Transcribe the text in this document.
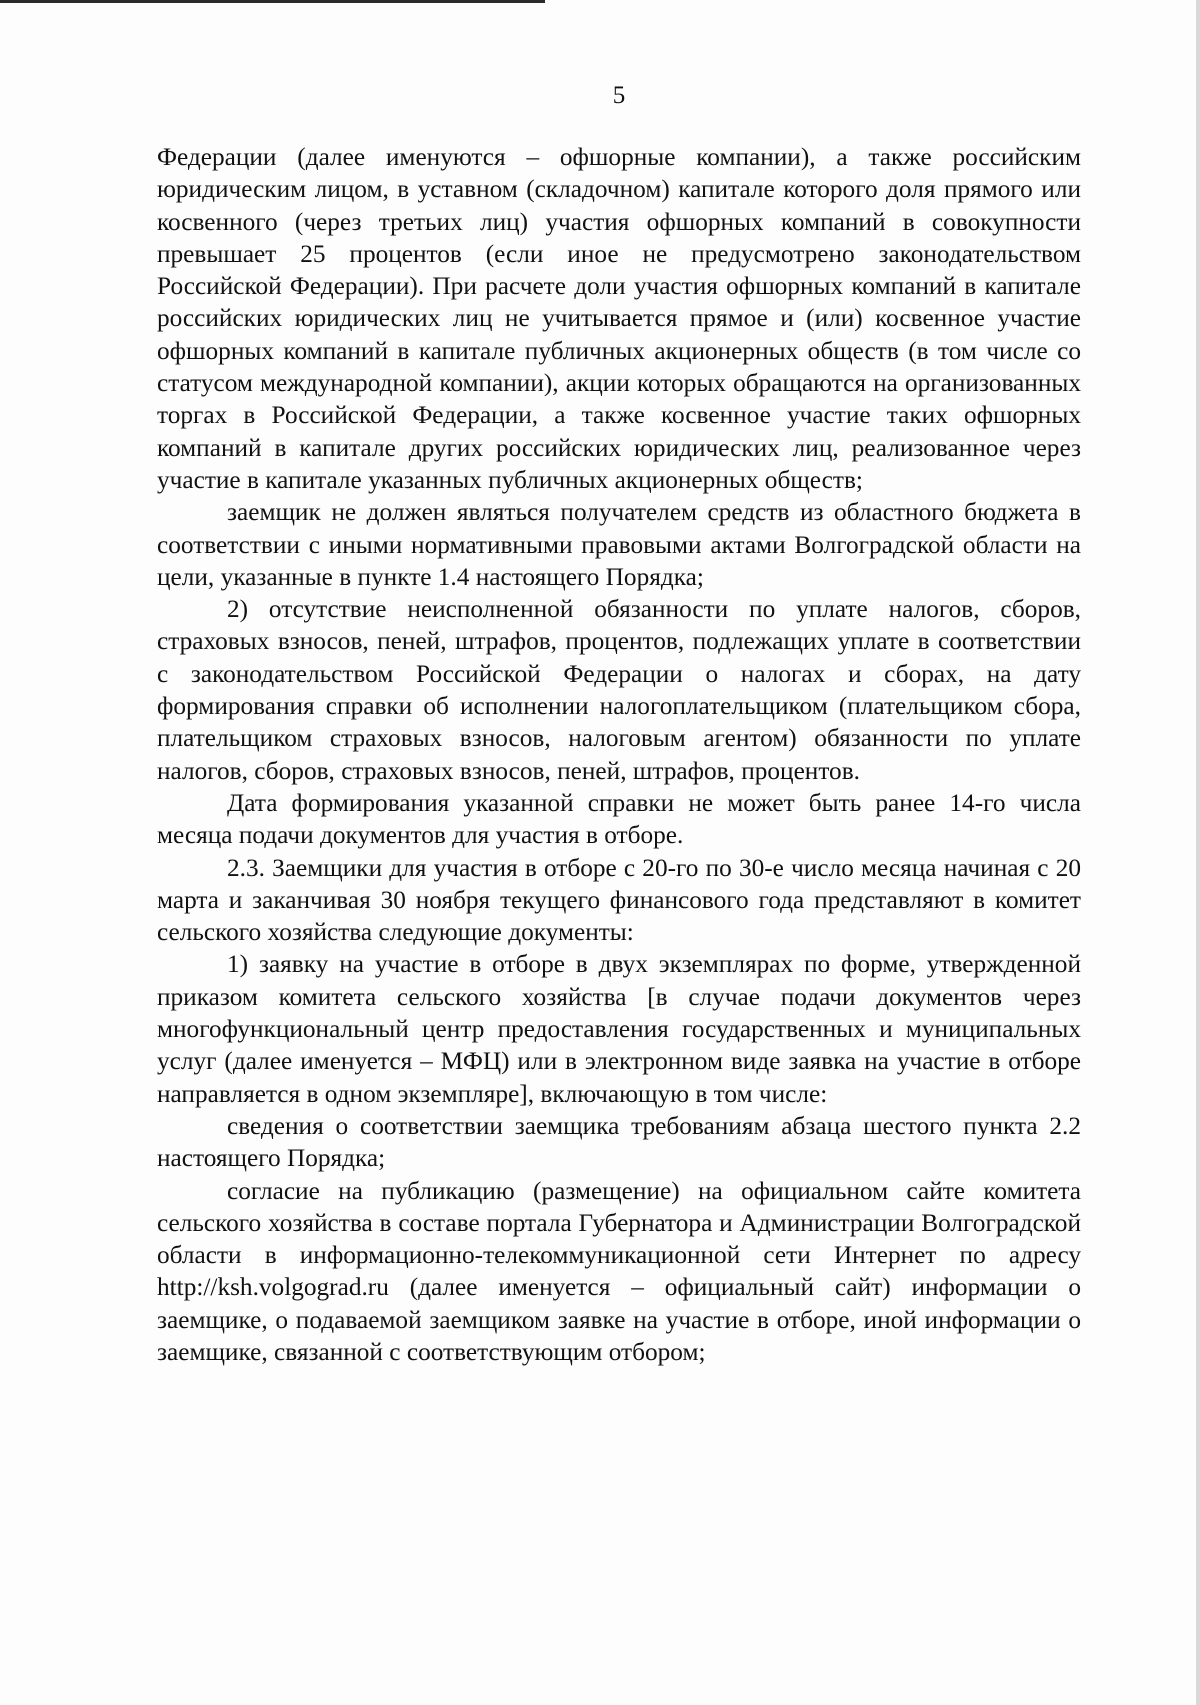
5

Федерации (далее именуются – офшорные компании), а также российским юридическим лицом, в уставном (складочном) капитале которого доля прямого или косвенного (через третьих лиц) участия офшорных компаний в совокупности превышает 25 процентов (если иное не предусмотрено законодательством Российской Федерации). При расчете доли участия офшорных компаний в капитале российских юридических лиц не учитывается прямое и (или) косвенное участие офшорных компаний в капитале публичных акционерных обществ (в том числе со статусом международной компании), акции которых обращаются на организованных торгах в Российской Федерации, а также косвенное участие таких офшорных компаний в капитале других российских юридических лиц, реализованное через участие в капитале указанных публичных акционерных обществ;

заемщик не должен являться получателем средств из областного бюджета в соответствии с иными нормативными правовыми актами Волгоградской области на цели, указанные в пункте 1.4 настоящего Порядка;

2) отсутствие неисполненной обязанности по уплате налогов, сборов, страховых взносов, пеней, штрафов, процентов, подлежащих уплате в соответствии с законодательством Российской Федерации о налогах и сборах, на дату формирования справки об исполнении налогоплательщиком (плательщиком сбора, плательщиком страховых взносов, налоговым агентом) обязанности по уплате налогов, сборов, страховых взносов, пеней, штрафов, процентов.

Дата формирования указанной справки не может быть ранее 14-го числа месяца подачи документов для участия в отборе.

2.3. Заемщики для участия в отборе с 20-го по 30-е число месяца начиная с 20 марта и заканчивая 30 ноября текущего финансового года представляют в комитет сельского хозяйства следующие документы:

1) заявку на участие в отборе в двух экземплярах по форме, утвержденной приказом комитета сельского хозяйства [в случае подачи документов через многофункциональный центр предоставления государственных и муниципальных услуг (далее именуется – МФЦ) или в электронном виде заявка на участие в отборе направляется в одном экземпляре], включающую в том числе:

сведения о соответствии заемщика требованиям абзаца шестого пункта 2.2 настоящего Порядка;

согласие на публикацию (размещение) на официальном сайте комитета сельского хозяйства в составе портала Губернатора и Администрации Волгоградской области в информационно-телекоммуникационной сети Интернет по адресу http://ksh.volgograd.ru (далее именуется – официальный сайт) информации о заемщике, о подаваемой заемщиком заявке на участие в отборе, иной информации о заемщике, связанной с соответствующим отбором;
